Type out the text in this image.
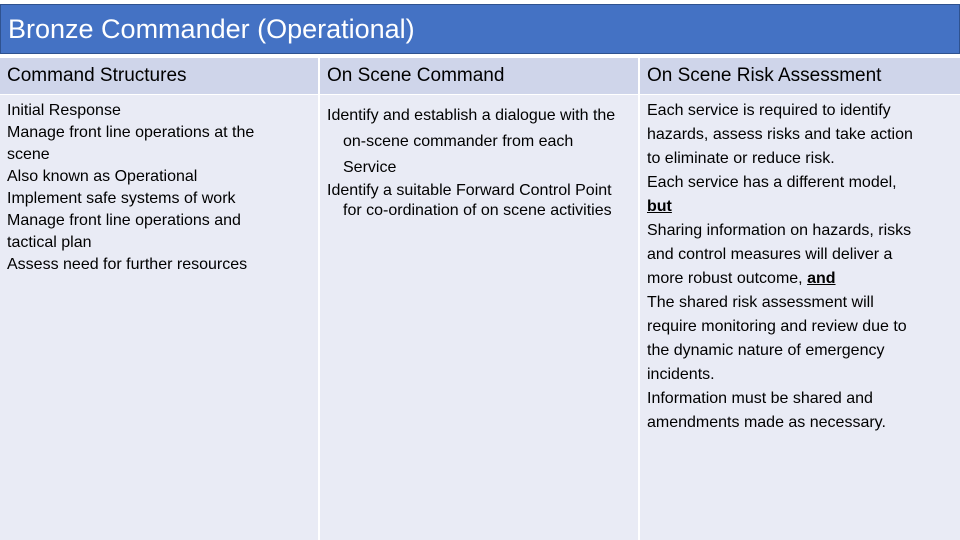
Bronze Commander (Operational)
Command Structures	On Scene Command	On Scene Risk Assessment
Initial Response
Manage front line operations at the
scene
Also known as Operational
Implement safe systems of work
Manage front line operations and
tactical plan
Assess need for further resources
Identify and establish a dialogue with the on-scene commander from each Service
Identify a suitable Forward Control Point for co-ordination of on scene activities
Each service is required to identify
hazards, assess risks and take action
to eliminate or reduce risk.
Each service has a different model,
but
Sharing information on hazards, risks
and control measures will deliver a
more robust outcome, and
The shared risk assessment will
require monitoring and review due to
the dynamic nature of emergency
incidents.
Information must be shared and
amendments made as necessary.
